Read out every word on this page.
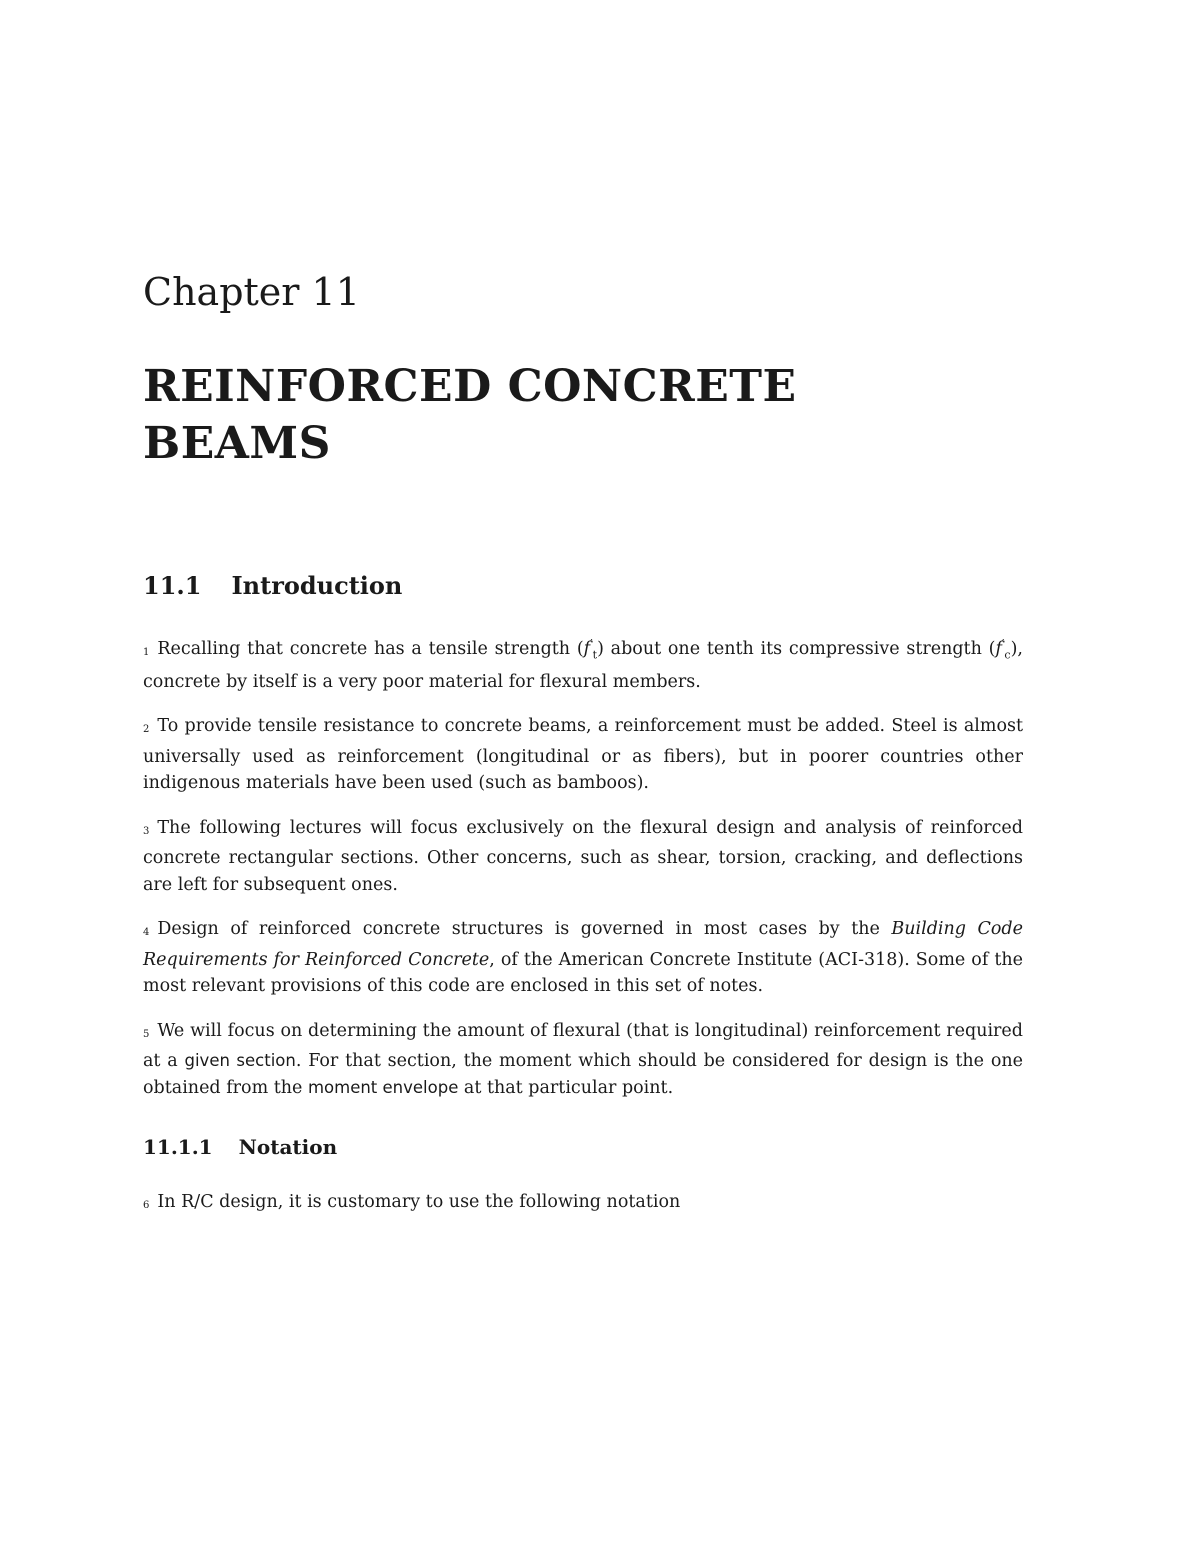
Chapter 11
REINFORCED CONCRETE
BEAMS
11.1 Introduction

1 Recalling that concrete has a tensile strength $(f'_t)$ about one tenth its compressive strength $(f'_c)$, concrete by itself is a very poor material for flexural members.

2 To provide tensile resistance to concrete beams, a reinforcement must be added. Steel is almost universally used as reinforcement (longitudinal or as fibers), but in poorer countries other indigenous materials have been used (such as bamboos).

3 The following lectures will focus exclusively on the flexural design and analysis of reinforced concrete rectangular sections. Other concerns, such as shear, torsion, cracking, and deflections are left for subsequent ones.

4 Design of reinforced concrete structures is governed in most cases by the Building Code Requirements for Reinforced Concrete, of the American Concrete Institute (ACI-318). Some of the most relevant provisions of this code are enclosed in this set of notes.

5 We will focus on determining the amount of flexural (that is longitudinal) reinforcement required at a given section. For that section, the moment which should be considered for design is the one obtained from the moment envelope at that particular point.

11.1.1 Notation

6 In R/C design, it is customary to use the following notation
